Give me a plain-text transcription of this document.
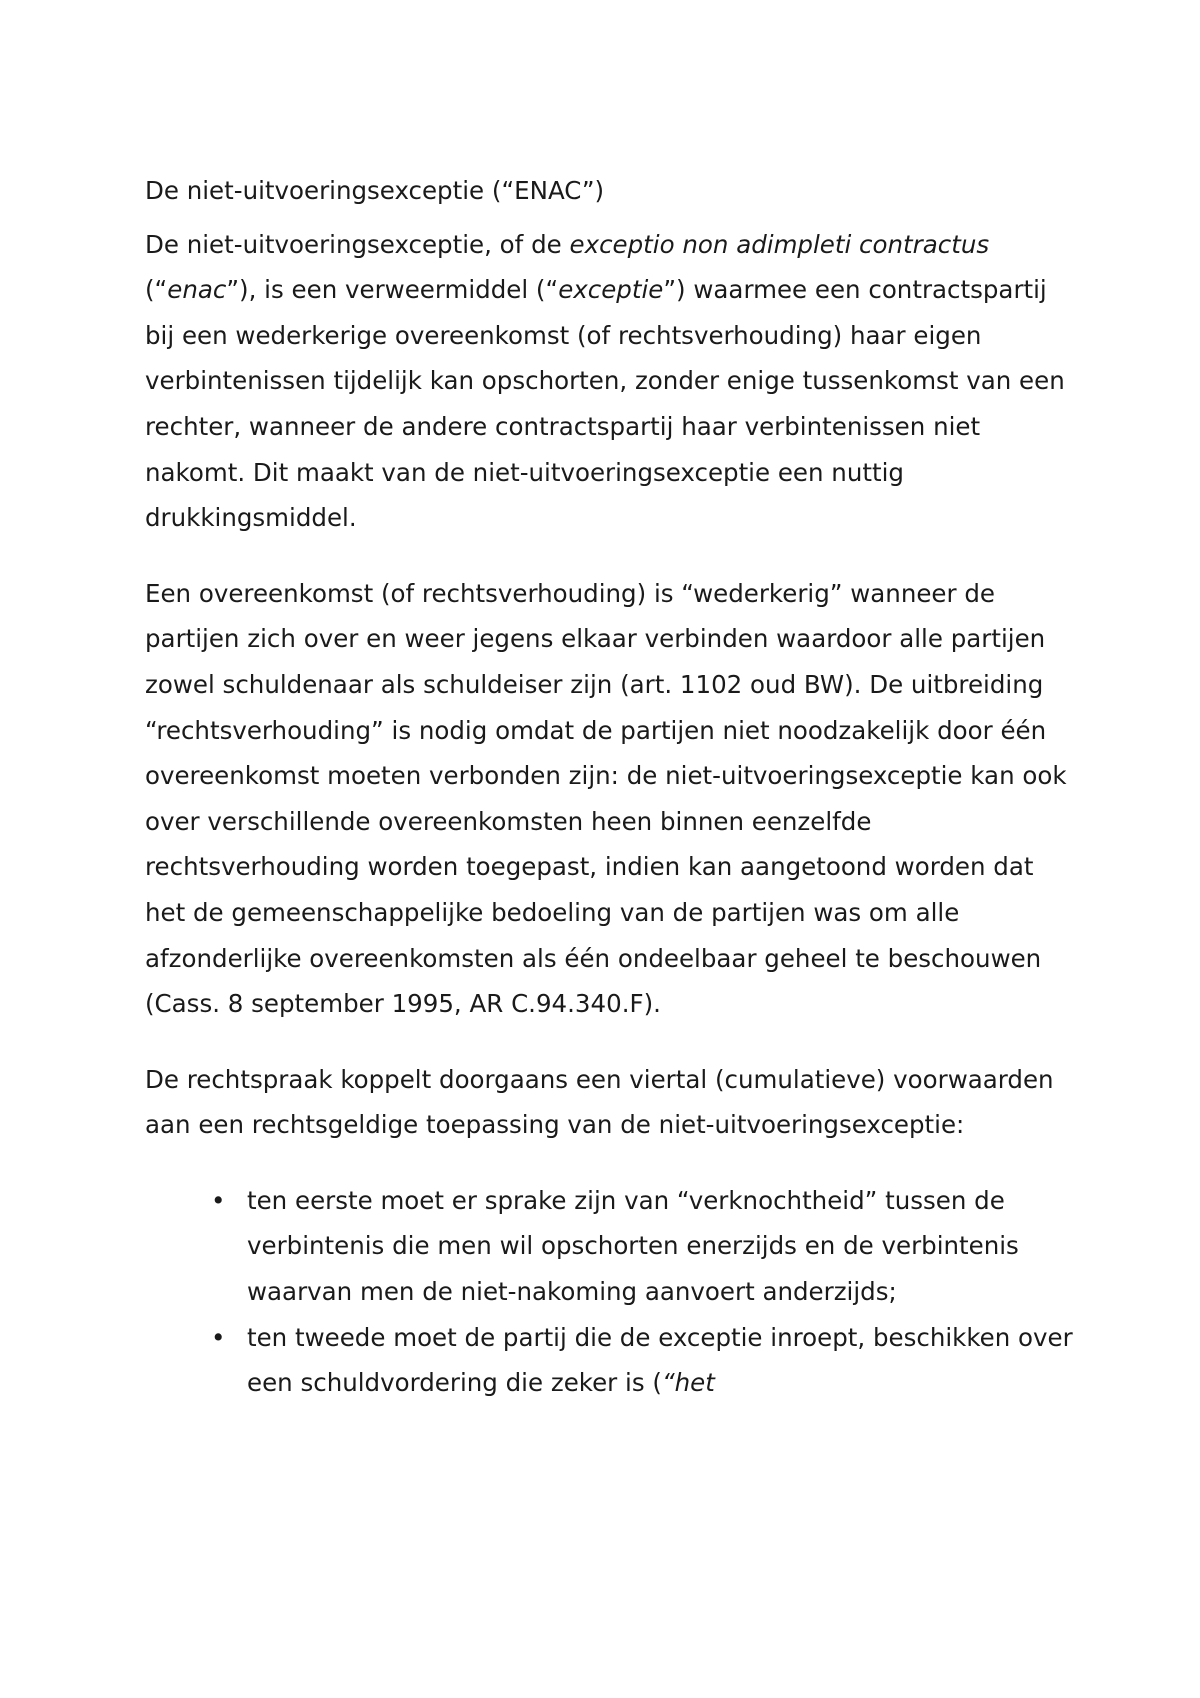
De niet-uitvoeringsexceptie (“ENAC”)

De niet-uitvoeringsexceptie, of de exceptio non adimpleti contractus (“enac”), is een verweermiddel (“exceptie”) waarmee een contractspartij bij een wederkerige overeenkomst (of rechtsverhouding) haar eigen verbintenissen tijdelijk kan opschorten, zonder enige tussenkomst van een rechter, wanneer de andere contractspartij haar verbintenissen niet nakomt. Dit maakt van de niet-uitvoeringsexceptie een nuttig drukkingsmiddel.

Een overeenkomst (of rechtsverhouding) is “wederkerig” wanneer de partijen zich over en weer jegens elkaar verbinden waardoor alle partijen zowel schuldenaar als schuldeiser zijn (art. 1102 oud BW). De uitbreiding “rechtsverhouding” is nodig omdat de partijen niet noodzakelijk door één overeenkomst moeten verbonden zijn: de niet-uitvoeringsexceptie kan ook over verschillende overeenkomsten heen binnen eenzelfde rechtsverhouding worden toegepast, indien kan aangetoond worden dat het de gemeenschappelijke bedoeling van de partijen was om alle afzonderlijke overeenkomsten als één ondeelbaar geheel te beschouwen (Cass. 8 september 1995, AR C.94.340.F).

De rechtspraak koppelt doorgaans een viertal (cumulatieve) voorwaarden aan een rechtsgeldige toepassing van de niet-uitvoeringsexceptie:

• ten eerste moet er sprake zijn van “verknochtheid” tussen de verbintenis die men wil opschorten enerzijds en de verbintenis waarvan men de niet-nakoming aanvoert anderzijds;
• ten tweede moet de partij die de exceptie inroept, beschikken over een schuldvordering die zeker is (“het
